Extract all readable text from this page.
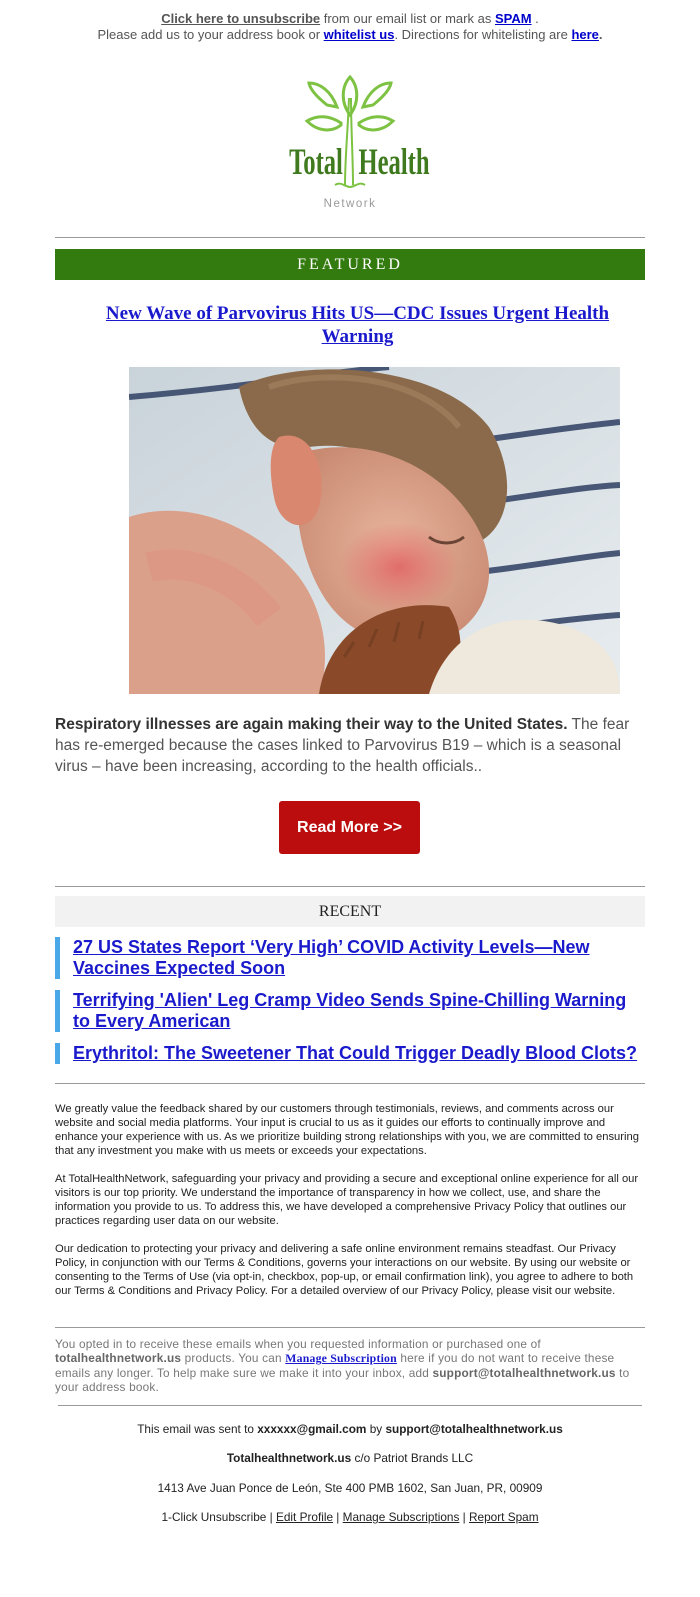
Click here to unsubscribe from our email list or mark as SPAM .
Please add us to your address book or whitelist us. Directions for whitelisting are here.
Total Health
Network
FEATURED
New Wave of Parvovirus Hits US—CDC Issues Urgent Health Warning
Respiratory illnesses are again making their way to the United States. The fear has re-emerged because the cases linked to Parvovirus B19 – which is a seasonal virus – have been increasing, according to the health officials..
Read More >>
RECENT
27 US States Report ‘Very High’ COVID Activity Levels—New Vaccines Expected Soon
Terrifying 'Alien' Leg Cramp Video Sends Spine-Chilling Warning to Every American
Erythritol: The Sweetener That Could Trigger Deadly Blood Clots?

We greatly value the feedback shared by our customers through testimonials, reviews, and comments across our website and social media platforms. Your input is crucial to us as it guides our efforts to continually improve and enhance your experience with us. As we prioritize building strong relationships with you, we are committed to ensuring that any investment you make with us meets or exceeds your expectations.

At TotalHealthNetwork, safeguarding your privacy and providing a secure and exceptional online experience for all our visitors is our top priority. We understand the importance of transparency in how we collect, use, and share the information you provide to us. To address this, we have developed a comprehensive Privacy Policy that outlines our practices regarding user data on our website.

Our dedication to protecting your privacy and delivering a safe online environment remains steadfast. Our Privacy Policy, in conjunction with our Terms & Conditions, governs your interactions on our website. By using our website or consenting to the Terms of Use (via opt-in, checkbox, pop-up, or email confirmation link), you agree to adhere to both our Terms & Conditions and Privacy Policy. For a detailed overview of our Privacy Policy, please visit our website.

You opted in to receive these emails when you requested information or purchased one of totalhealthnetwork.us products. You can Manage Subscription here if you do not want to receive these emails any longer. To help make sure we make it into your inbox, add support@totalhealthnetwork.us to your address book.
This email was sent to xxxxxx@gmail.com by support@totalhealthnetwork.us
Totalhealthnetwork.us c/o Patriot Brands LLC
1413 Ave Juan Ponce de León, Ste 400 PMB 1602, San Juan, PR, 00909
1-Click Unsubscribe | Edit Profile | Manage Subscriptions | Report Spam
